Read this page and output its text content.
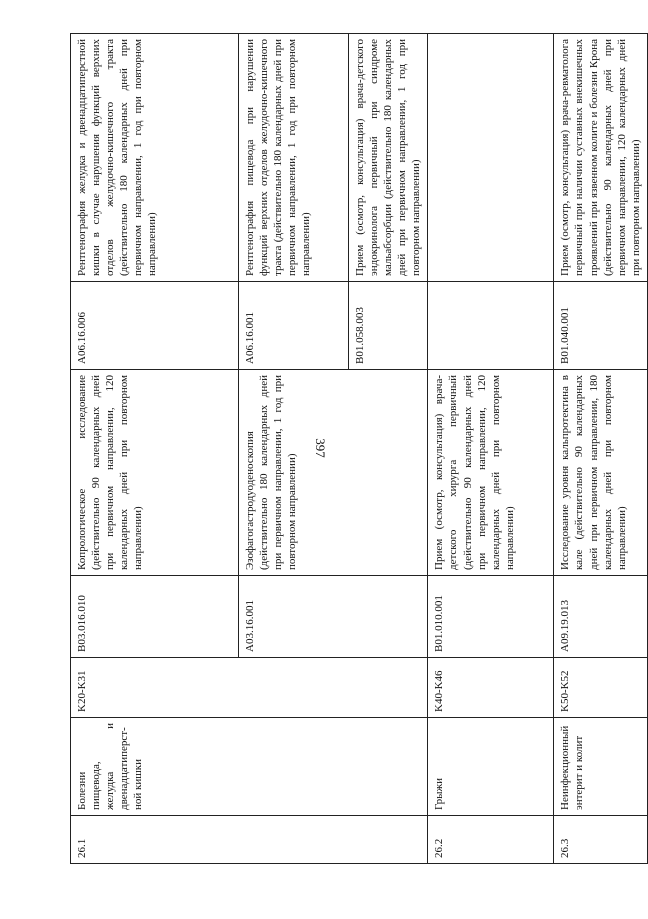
397
26.1	Болезни пищевода, желудка и двенадцатиперст-ной кишки	K20-K31	B03.016.010	Копрологическое исследование (действительно 90 календарных дней при первичном направлении, 120 календарных дней при повторном направлении)	A06.16.006	Рентгенография желудка и двенадцатиперстной кишки в случае нарушения функций верхних отделов желудочно-кишечного тракта (действительно 180 календарных дней при первичном направлении, 1 год при повторном направлении)
			A03.16.001	Эзофагогастродуоденоскопия (действительно 180 календарных дней при первичном направлении, 1 год при повторном направлении)	A06.16.001	Рентгенография пищевода при нарушении функций верхних отделов желудочно-кишечного тракта (действительно 180 календарных дней при первичном направлении, 1 год при повторном направлении)
					B01.058.003	Прием (осмотр, консультация) врача-детского эндокринолога первичный при синдроме мальабсорбции (действительно 180 календарных дней при первичном направлении, 1 год при повторном направлении)
26.2	Грыжи	K40-K46	B01.010.001	Прием (осмотр, консультация) врача-детского хирурга первичный (действительно 90 календарных дней при первичном направлении, 120 календарных дней при повторном направлении)		
26.3	Неинфекционный энтерит и колит	K50-K52	A09.19.013	Исследование уровня кальпротектина в кале (действительно 90 календарных дней при первичном направлении, 180 календарных дней при повторном направлении)	B01.040.001	Прием (осмотр, консультация) врача-ревматолога первичный при наличии суставных внекишечных проявлений при язвенном колите и болезни Крона (действительно 90 календарных дней при первичном направлении, 120 календарных дней при повторном направлении)
